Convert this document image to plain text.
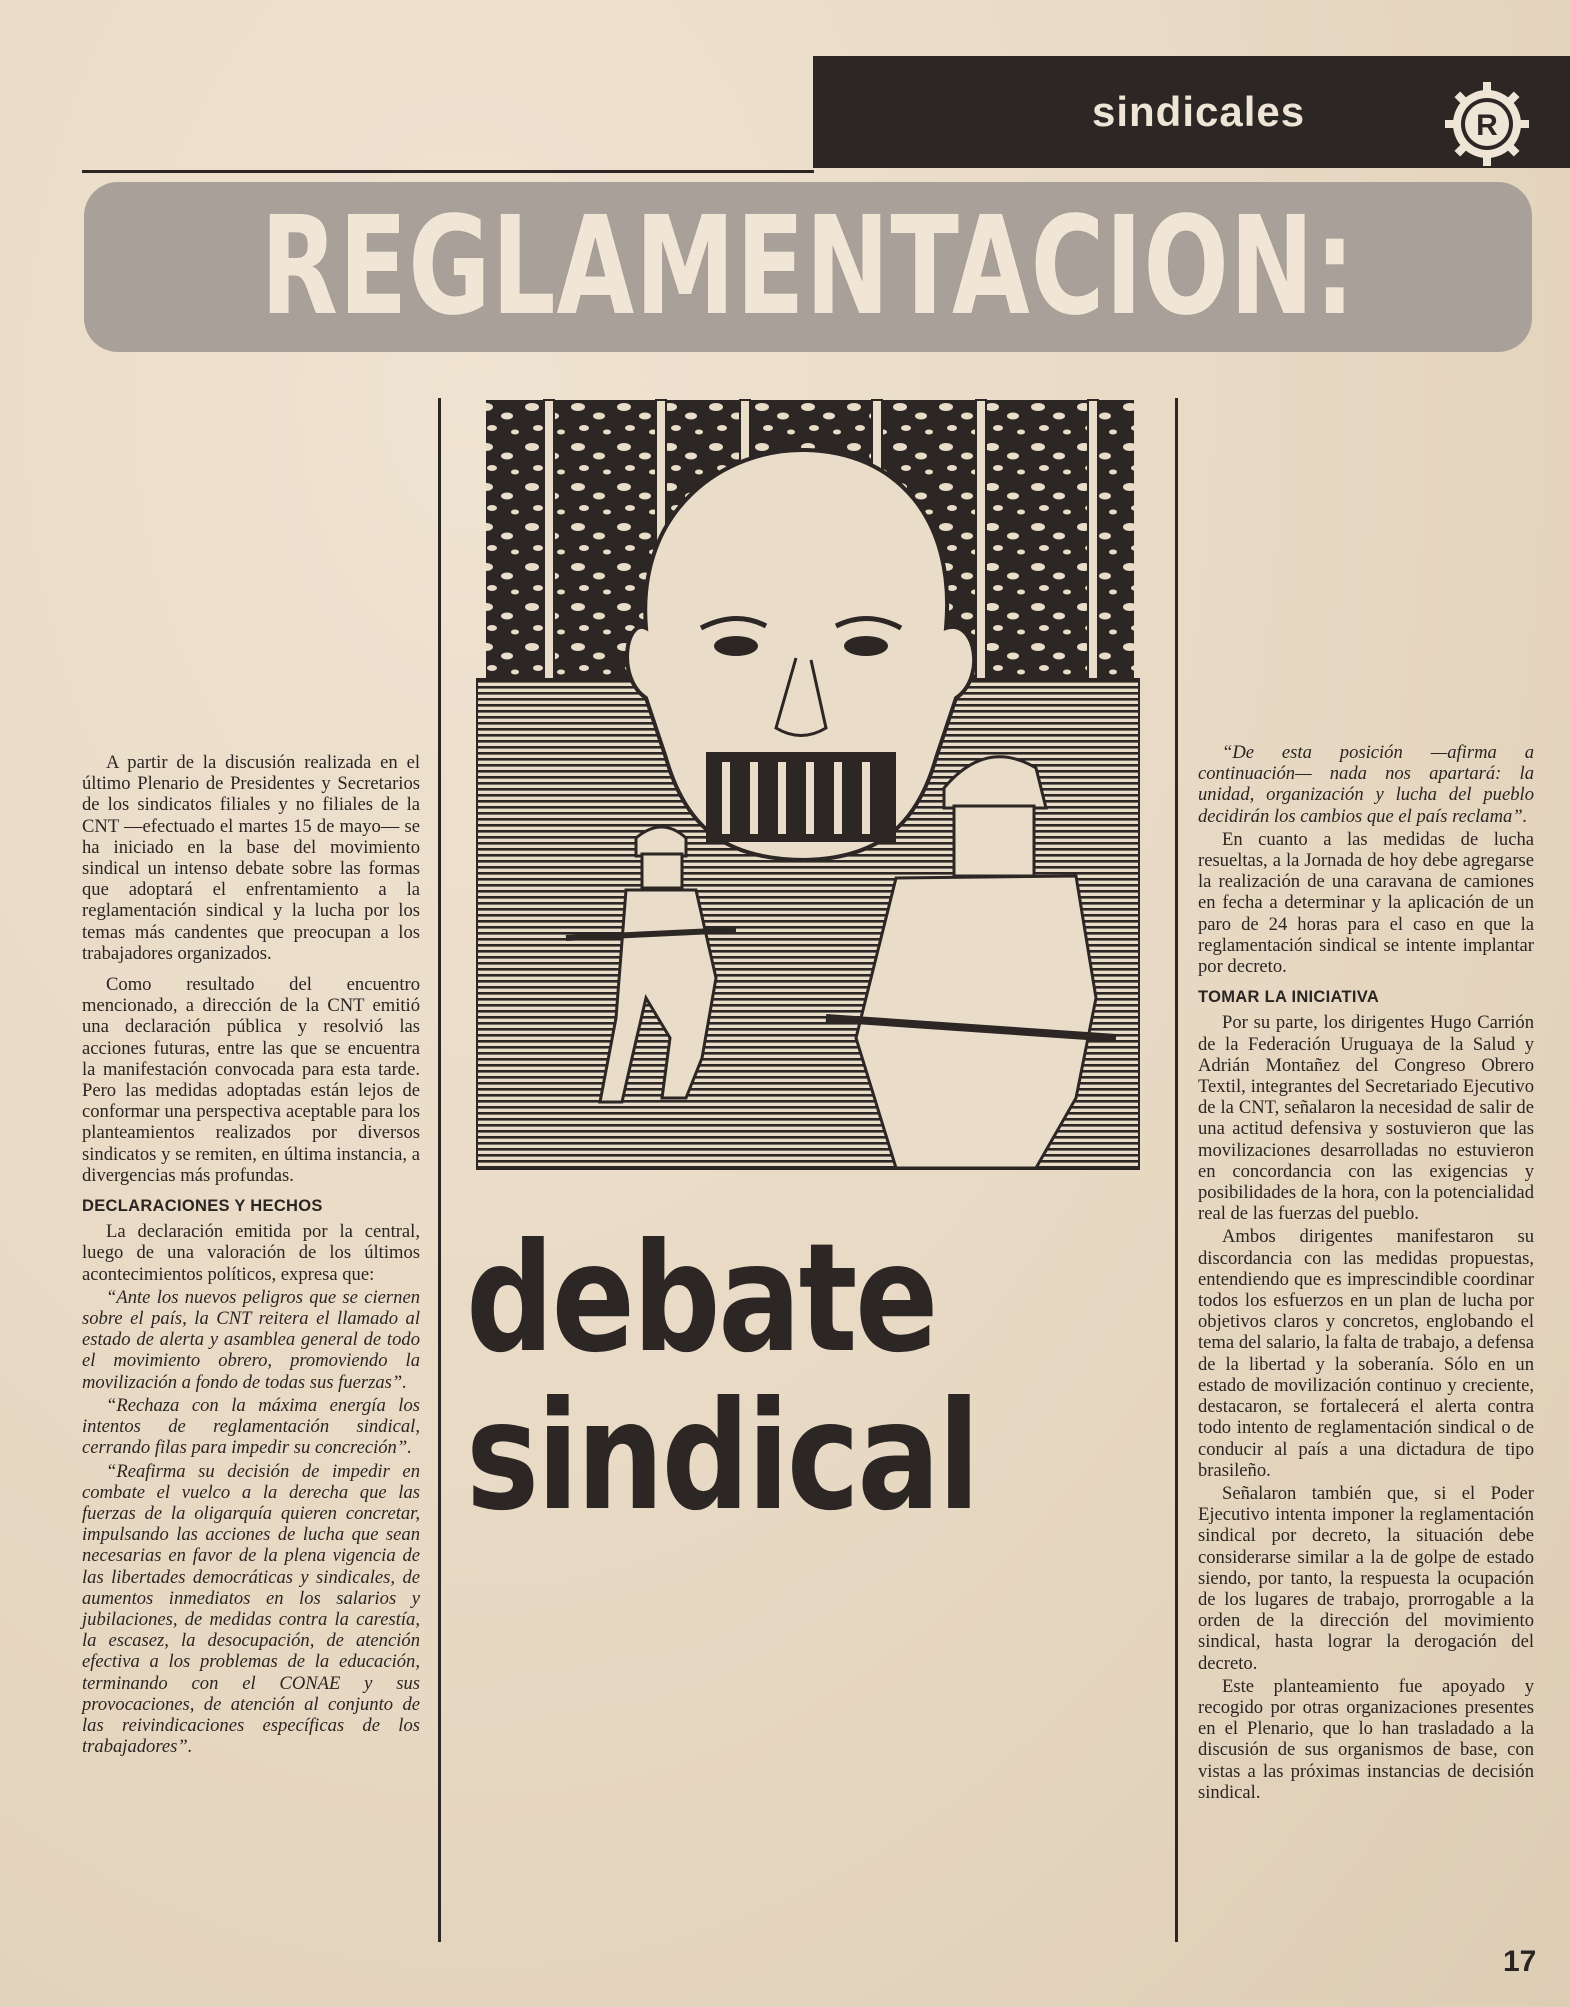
sindicales	R
REGLAMENTACION:
debate
sindical

A partir de la discusión realizada en el último Plenario de Presidentes y Secretarios de los sindicatos filiales y no filiales de la CNT —efectuado el martes 15 de mayo— se ha iniciado en la base del movimiento sindical un intenso debate sobre las formas que adoptará el enfrentamiento a la reglamentación sindical y la lucha por los temas más candentes que preocupan a los trabajadores organizados.

Como resultado del encuentro mencionado, a dirección de la CNT emitió una declaración pública y resolvió las acciones futuras, entre las que se encuentra la manifestación convocada para esta tarde. Pero las medidas adoptadas están lejos de conformar una perspectiva aceptable para los planteamientos realizados por diversos sindicatos y se remiten, en última instancia, a divergencias más profundas.

DECLARACIONES Y HECHOS

La declaración emitida por la central, luego de una valoración de los últimos acontecimientos políticos, expresa que:

“Ante los nuevos peligros que se ciernen sobre el país, la CNT reitera el llamado al estado de alerta y asamblea general de todo el movimiento obrero, promoviendo la movilización a fondo de todas sus fuerzas”.

“Rechaza con la máxima energía los intentos de reglamentación sindical, cerrando filas para impedir su concreción”.

“Reafirma su decisión de impedir en combate el vuelco a la derecha que las fuerzas de la oligarquía quieren concretar, impulsando las acciones de lucha que sean necesarias en favor de la plena vigencia de las libertades democráticas y sindicales, de aumentos inmediatos en los salarios y jubilaciones, de medidas contra la carestía, la escasez, la desocupación, de atención efectiva a los problemas de la educación, terminando con el CONAE y sus provocaciones, de atención al conjunto de las reivindicaciones específicas de los trabajadores”.

“De esta posición —afirma a continuación— nada nos apartará: la unidad, organización y lucha del pueblo decidirán los cambios que el país reclama”.

En cuanto a las medidas de lucha resueltas, a la Jornada de hoy debe agregarse la realización de una caravana de camiones en fecha a determinar y la aplicación de un paro de 24 horas para el caso en que la reglamentación sindical se intente implantar por decreto.

TOMAR LA INICIATIVA

Por su parte, los dirigentes Hugo Carrión de la Federación Uruguaya de la Salud y Adrián Montañez del Congreso Obrero Textil, integrantes del Secretariado Ejecutivo de la CNT, señalaron la necesidad de salir de una actitud defensiva y sostuvieron que las movilizaciones desarrolladas no estuvieron en concordancia con las exigencias y posibilidades de la hora, con la potencialidad real de las fuerzas del pueblo.

Ambos dirigentes manifestaron su discordancia con las medidas propuestas, entendiendo que es imprescindible coordinar todos los esfuerzos en un plan de lucha por objetivos claros y concretos, englobando el tema del salario, la falta de trabajo, a defensa de la libertad y la soberanía. Sólo en un estado de movilización continuo y creciente, destacaron, se fortalecerá el alerta contra todo intento de reglamentación sindical o de conducir al país a una dictadura de tipo brasileño.

Señalaron también que, si el Poder Ejecutivo intenta imponer la reglamentación sindical por decreto, la situación debe considerarse similar a la de golpe de estado siendo, por tanto, la respuesta la ocupación de los lugares de trabajo, prorrogable a la orden de la dirección del movimiento sindical, hasta lograr la derogación del decreto.

Este planteamiento fue apoyado y recogido por otras organizaciones presentes en el Plenario, que lo han trasladado a la discusión de sus organismos de base, con vistas a las próximas instancias de decisión sindical.

17
